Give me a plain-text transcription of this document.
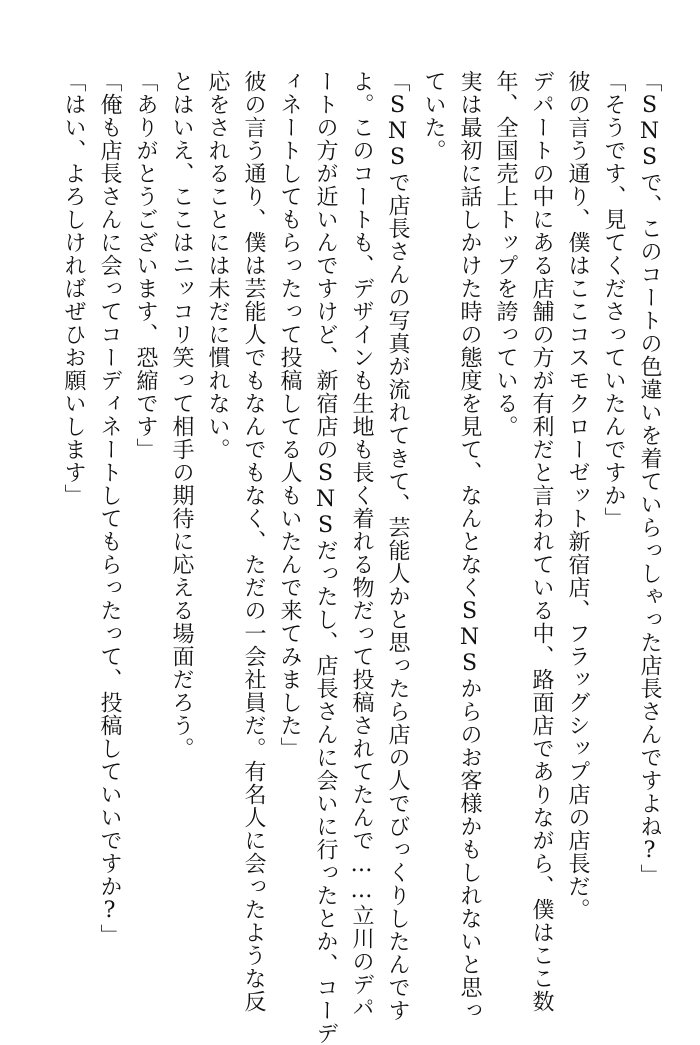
「SNSで、このコートの色違いを着ていらっしゃった店長さんですよね?」

「そうです、見てくださっていたんですか」

彼の言う通り、僕はここコスモクローゼット新宿店、フラッグシップ店の店長だ。

デパートの中にある店舗の方が有利だと言われている中、路面店でありながら、僕はここ数

年、全国売上トップを誇っている。

実は最初に話しかけた時の態度を見て、なんとなくSNSからのお客様かもしれないと思っ

ていた。

「SNSで店長さんの写真が流れてきて、芸能人かと思ったら店の人でびっくりしたんです

よ。このコートも、デザインも生地も長く着れる物だって投稿されてたんで……立川のデパ

ートの方が近いんですけど、新宿店のSNSだったし、店長さんに会いに行ったとか、コーデ

ィネートしてもらったって投稿してる人もいたんで来てみました」

彼の言う通り、僕は芸能人でもなんでもなく、ただの一会社員だ。有名人に会ったような反

応をされることには未だに慣れない。

とはいえ、ここはニッコリ笑って相手の期待に応える場面だろう。

「ありがとうございます、恐縮です」

「俺も店長さんに会ってコーディネートしてもらったって、投稿していいですか?」

「はい、よろしければぜひお願いします」
